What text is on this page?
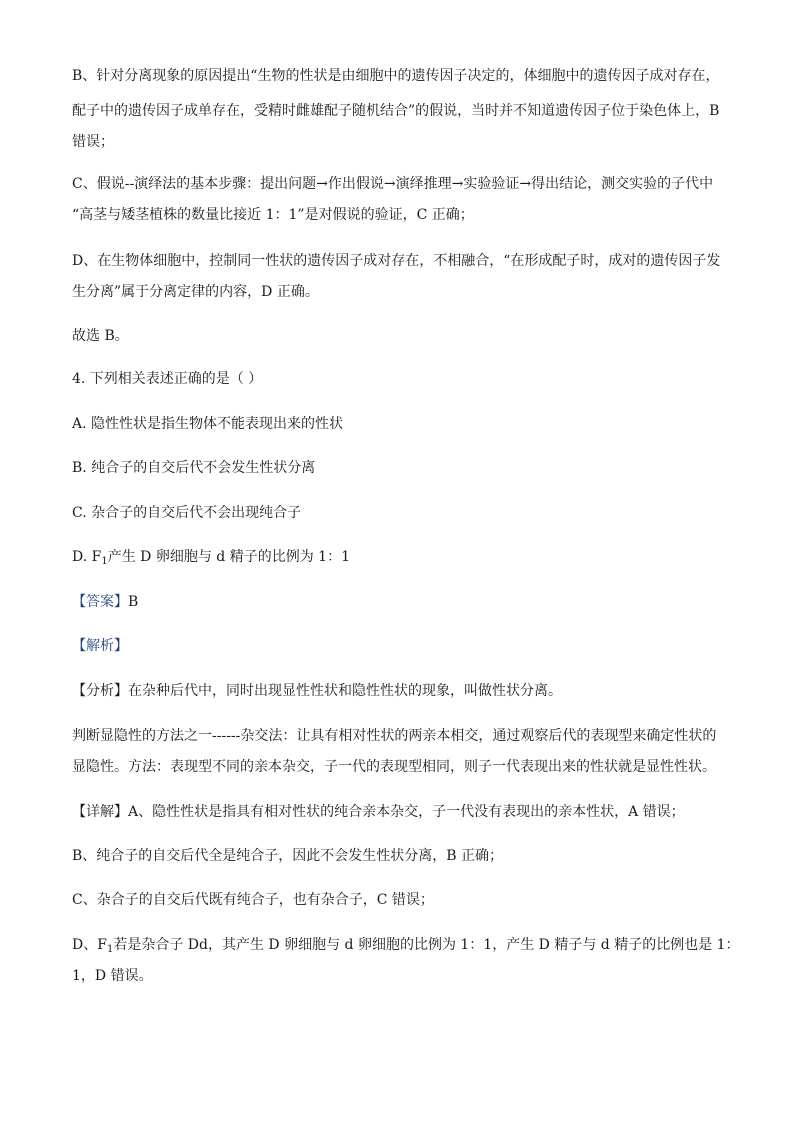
B、针对分离现象的原因提出“生物的性状是由细胞中的遗传因子决定的，体细胞中的遗传因子成对存在，
配子中的遗传因子成单存在，受精时雌雄配子随机结合”的假说，当时并不知道遗传因子位于染色体上，B
错误；
C、假说--演绎法的基本步骤：提出问题→作出假说→演绎推理→实验验证→得出结论，测交实验的子代中
“高茎与矮茎植株的数量比接近 1：1”是对假说的验证，C 正确；
D、在生物体细胞中，控制同一性状的遗传因子成对存在，不相融合，“在形成配子时，成对的遗传因子发
生分离”属于分离定律的内容，D 正确。
故选 B。
4. 下列相关表述正确的是（ ）
A. 隐性性状是指生物体不能表现出来的性状
B. 纯合子的自交后代不会发生性状分离
C. 杂合子的自交后代不会出现纯合子
D. $F_1$产生 D 卵细胞与 d 精子的比例为 1：1
【答案】B
【解析】
【分析】在杂种后代中，同时出现显性性状和隐性性状的现象，叫做性状分离。
判断显隐性的方法之一------杂交法：让具有相对性状的两亲本相交，通过观察后代的表现型来确定性状的
显隐性。方法：表现型不同的亲本杂交，子一代的表现型相同，则子一代表现出来的性状就是显性性状。
【详解】A、隐性性状是指具有相对性状的纯合亲本杂交，子一代没有表现出的亲本性状，A 错误；
B、纯合子的自交后代全是纯合子，因此不会发生性状分离，B 正确；
C、杂合子的自交后代既有纯合子，也有杂合子，C 错误；
D、$F_1$若是杂合子 Dd，其产生 D 卵细胞与 d 卵细胞的比例为 1：1，产生 D 精子与 d 精子的比例也是 1：
1，D 错误。
